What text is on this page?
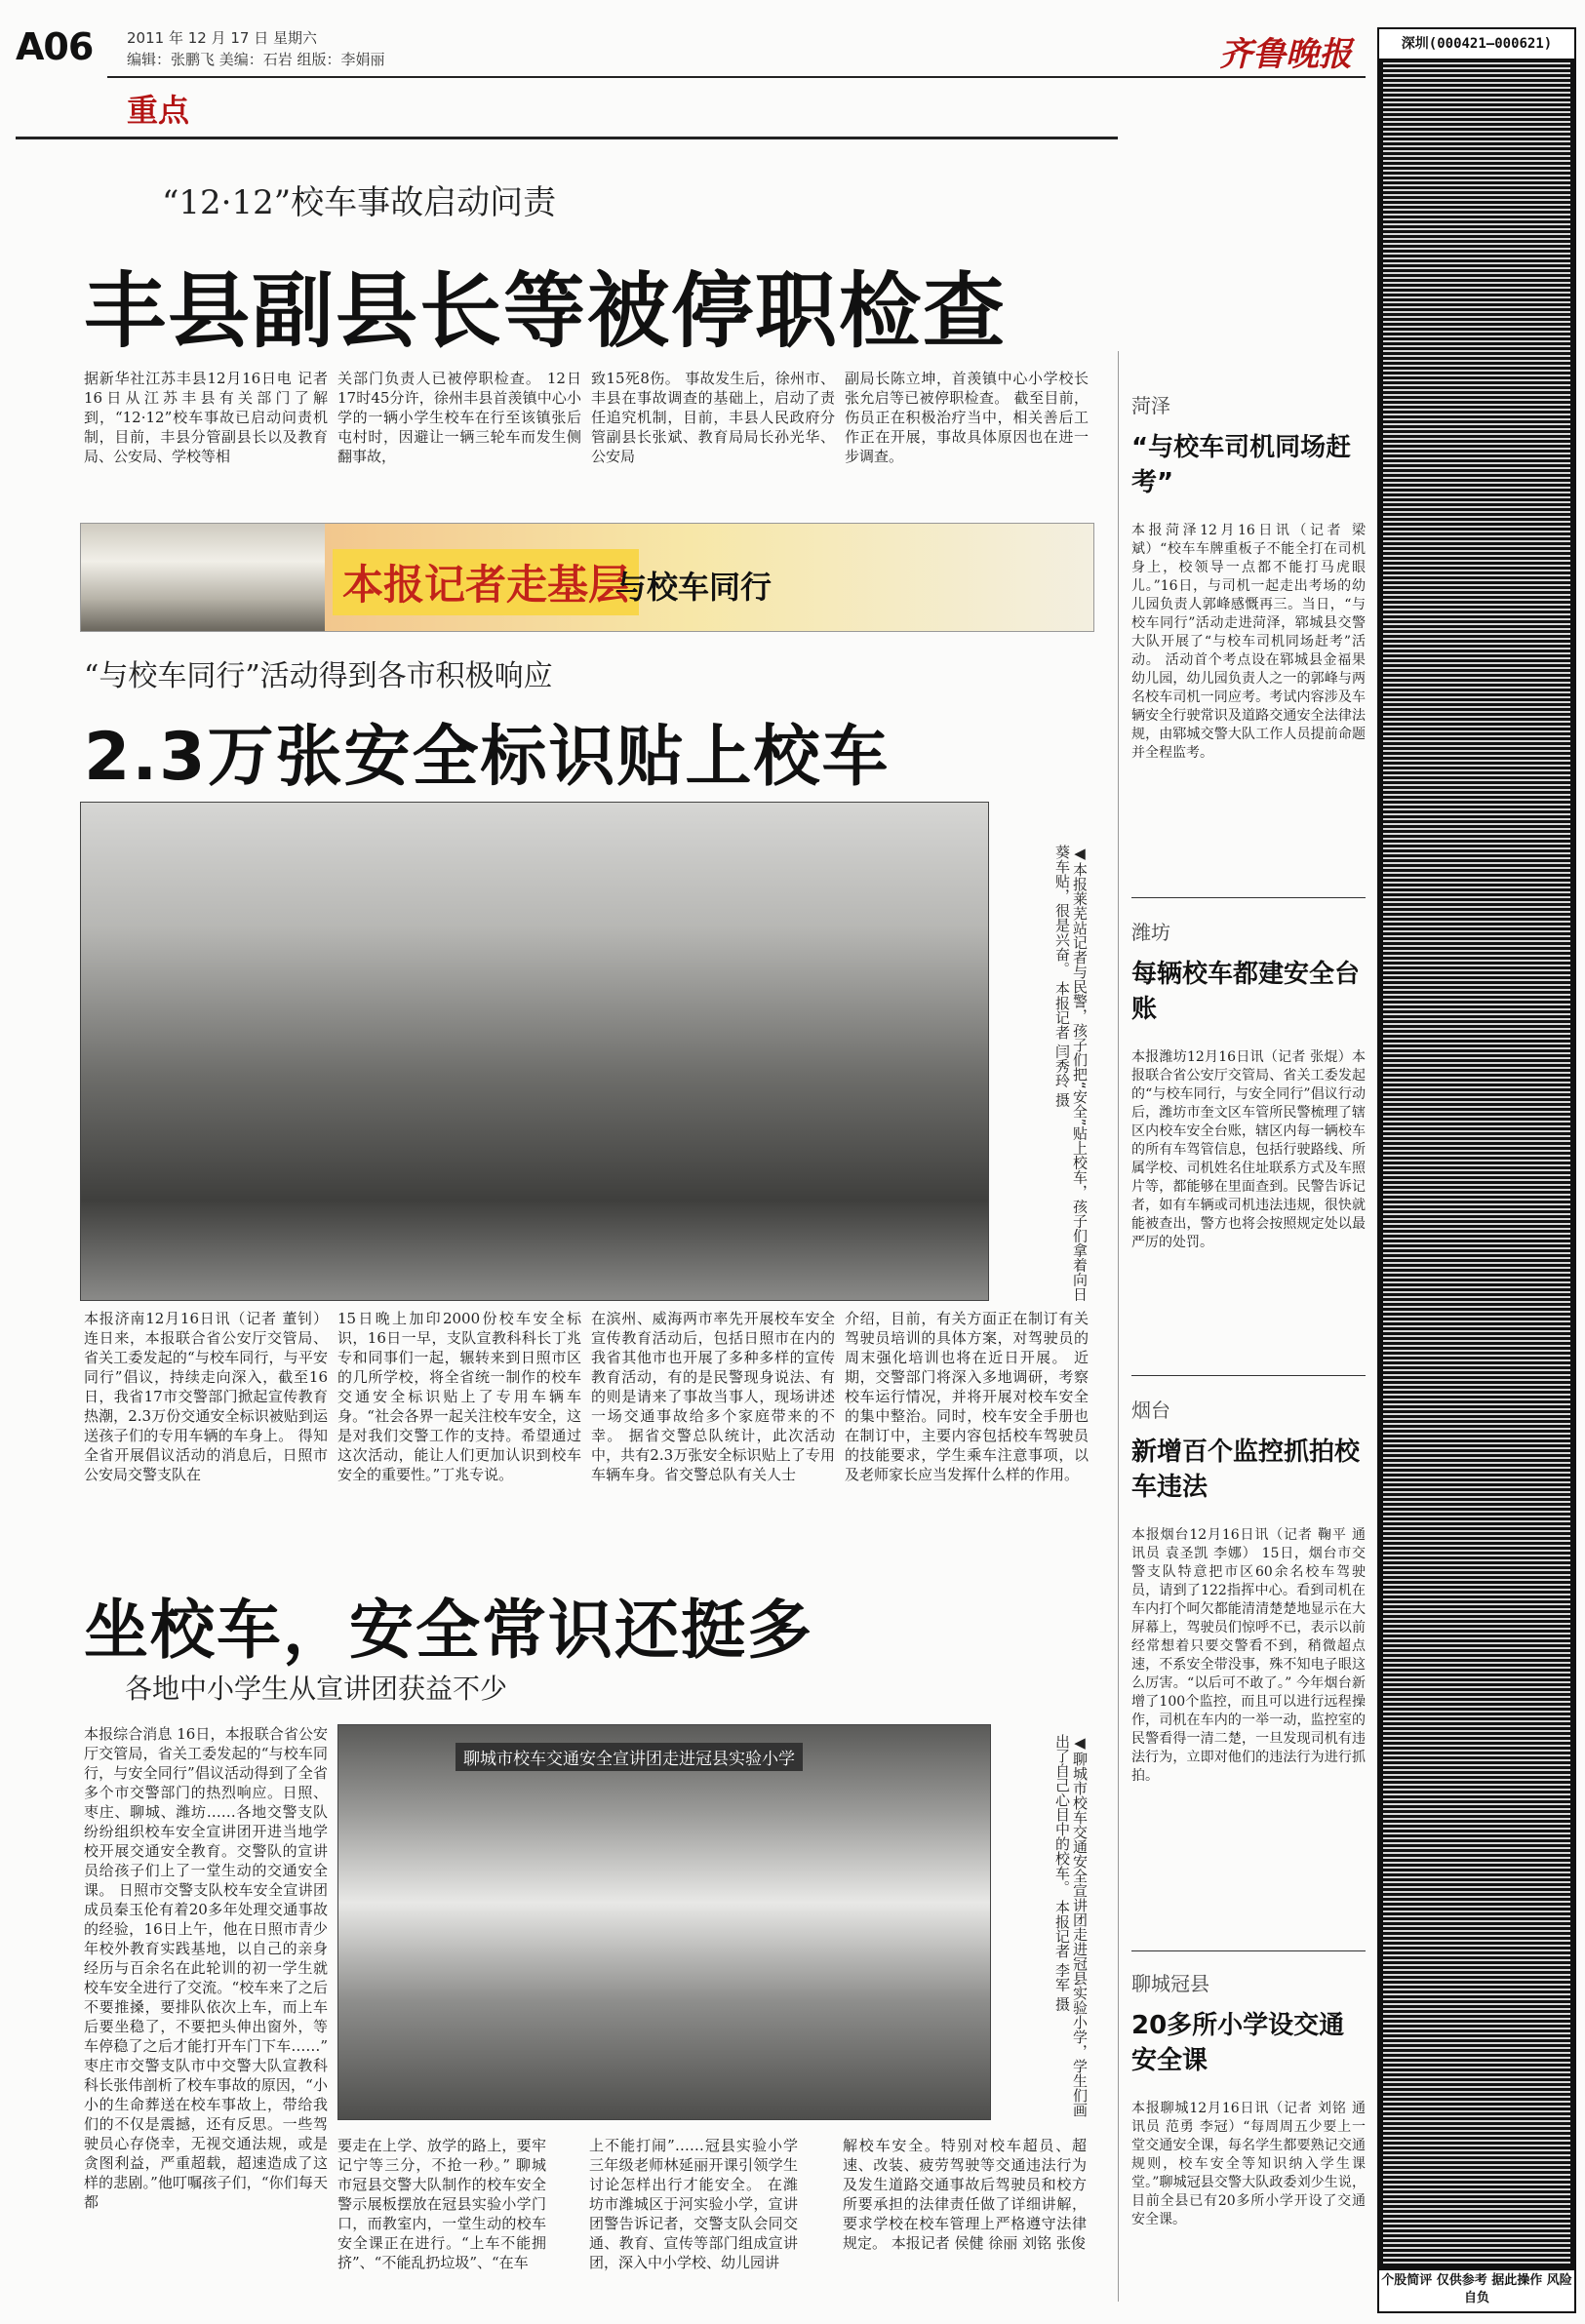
A06 2011 年 12 月 17 日 星期六
编辑：张鹏飞 美编：石岩 组版：李娟丽
重点
齐鲁晚报
“12·12”校车事故启动问责
丰县副县长等被停职检查
据新华社江苏丰县12月16日电 记者16日从江苏丰县有关部门了解到，“12·12”校车事故已启动问责机制，目前，丰县分管副县长以及教育局、公安局、学校等相
关部门负责人已被停职检查。 12日17时45分许，徐州丰县首羡镇中心小学的一辆小学生校车在行至该镇张后屯村时，因避让一辆三轮车而发生侧翻事故，
致15死8伤。 事故发生后，徐州市、丰县在事故调查的基础上，启动了责任追究机制，目前，丰县人民政府分管副县长张斌、教育局局长孙光华、公安局
副局长陈立坤，首羡镇中心小学校长张允启等已被停职检查。 截至目前，伤员正在积极治疗当中，相关善后工作正在开展，事故具体原因也在进一步调查。
本报记者走基层
与校车同行
“与校车同行”活动得到各市积极响应
2.3万张安全标识贴上校车
◀本报莱芜站记者与民警，孩子们把“安全”贴上校车，孩子们拿着向日葵车贴，很是兴奋。 本报记者 闫秀玲 摄
本报济南12月16日讯（记者 董钊） 连日来，本报联合省公安厅交管局、省关工委发起的“与校车同行，与平安同行”倡议，持续走向深入，截至16日，我省17市交警部门掀起宣传教育热潮，2.3万份交通安全标识被贴到运送孩子们的专用车辆的车身上。 得知全省开展倡议活动的消息后，日照市公安局交警支队在
15日晚上加印2000份校车安全标识，16日一早，支队宣教科科长丁兆专和同事们一起，辗转来到日照市区的几所学校，将全省统一制作的校车交通安全标识贴上了专用车辆车身。“社会各界一起关注校车安全，这是对我们交警工作的支持。希望通过这次活动，能让人们更加认识到校车安全的重要性。”丁兆专说。
在滨州、威海两市率先开展校车安全宣传教育活动后，包括日照市在内的我省其他市也开展了多种多样的宣传教育活动，有的是民警现身说法、有的则是请来了事故当事人，现场讲述一场交通事故给多个家庭带来的不幸。 据省交警总队统计，此次活动中，共有2.3万张安全标识贴上了专用车辆车身。省交警总队有关人士
介绍，目前，有关方面正在制订有关驾驶员培训的具体方案，对驾驶员的周末强化培训也将在近日开展。 近期，交警部门将深入多地调研，考察校车运行情况，并将开展对校车安全的集中整治。同时，校车安全手册也在制订中，主要内容包括校车驾驶员的技能要求，学生乘车注意事项，以及老师家长应当发挥什么样的作用。
坐校车，安全常识还挺多
各地中小学生从宣讲团获益不少
本报综合消息 16日，本报联合省公安厅交管局，省关工委发起的“与校车同行，与安全同行”倡议活动得到了全省多个市交警部门的热烈响应。日照、枣庄、聊城、潍坊……各地交警支队纷纷组织校车安全宣讲团开进当地学校开展交通安全教育。交警队的宣讲员给孩子们上了一堂生动的交通安全课。 日照市交警支队校车安全宣讲团成员秦玉伦有着20多年处理交通事故的经验，16日上午，他在日照市青少年校外教育实践基地，以自己的亲身经历与百余名在此轮训的初一学生就校车安全进行了交流。“校车来了之后不要推搡，要排队依次上车，而上车后要坐稳了，不要把头伸出窗外，等车停稳了之后才能打开车门下车……” 枣庄市交警支队市中交警大队宣教科科长张伟剖析了校车事故的原因，“小小的生命葬送在校车事故上，带给我们的不仅是震撼，还有反思。一些驾驶员心存侥幸，无视交通法规，或是贪图利益，严重超载，超速造成了这样的悲剧。”他叮嘱孩子们，“你们每天都
聊城市校车交通安全宣讲团走进冠县实验小学	◀聊城市校车交通安全宣讲团走进冠县实验小学，学生们画出了自己心目中的校车。 本报记者 李军 摄
要走在上学、放学的路上，要牢记宁等三分，不抢一秒。” 聊城市冠县交警大队制作的校车安全警示展板摆放在冠县实验小学门口，而教室内，一堂生动的校车安全课正在进行。“上车不能拥挤”、“不能乱扔垃圾”、“在车
上不能打闹”……冠县实验小学三年级老师林延丽开课引领学生讨论怎样出行才能安全。 在潍坊市潍城区于河实验小学，宣讲团警告诉记者，交警支队会同交通、教育、宣传等部门组成宣讲团，深入中小学校、幼儿园讲
解校车安全。特别对校车超员、超速、改装、疲劳驾驶等交通违法行为及发生道路交通事故后驾驶员和校方所要承担的法律责任做了详细讲解，要求学校在校车管理上严格遵守法律规定。 本报记者 侯健 徐丽 刘铭 张俊
菏泽
“与校车司机同场赶考”
本报菏泽12月16日讯（记者 梁斌）“校车车牌重板子不能全打在司机身上，校领导一点都不能打马虎眼儿。”16日，与司机一起走出考场的幼儿园负责人郭峰感慨再三。当日，“与校车同行”活动走进菏泽，郓城县交警大队开展了“与校车司机同场赶考”活动。 活动首个考点设在郓城县金福果幼儿园，幼儿园负责人之一的郭峰与两名校车司机一同应考。考试内容涉及车辆安全行驶常识及道路交通安全法律法规，由郓城交警大队工作人员提前命题并全程监考。
潍坊
每辆校车都建安全台账
本报潍坊12月16日讯（记者 张焜）本报联合省公安厅交管局、省关工委发起的“与校车同行，与安全同行”倡议行动后，潍坊市奎文区车管所民警梳理了辖区内校车安全台账，辖区内每一辆校车的所有车驾管信息，包括行驶路线、所属学校、司机姓名住址联系方式及车照片等，都能够在里面查到。民警告诉记者，如有车辆或司机违法违规，很快就能被查出，警方也将会按照规定处以最严厉的处罚。
烟台
新增百个监控抓拍校车违法
本报烟台12月16日讯（记者 鞠平 通讯员 袁圣凯 李娜） 15日，烟台市交警支队特意把市区60余名校车驾驶员，请到了122指挥中心。看到司机在车内打个呵欠都能清清楚楚地显示在大屏幕上，驾驶员们惊呼不已，表示以前经常想着只要交警看不到，稍微超点速，不系安全带没事，殊不知电子眼这么厉害。“以后可不敢了。” 今年烟台新增了100个监控，而且可以进行远程操作，司机在车内的一举一动，监控室的民警看得一清二楚，一旦发现司机有违法行为，立即对他们的违法行为进行抓拍。
聊城冠县
20多所小学设交通安全课
本报聊城12月16日讯（记者 刘铭 通讯员 范勇 李冠）“每周周五少要上一堂交通安全课，每名学生都要熟记交通规则，校车安全等知识纳入学生课堂。”聊城冠县交警大队政委刘少生说，目前全县已有20多所小学开设了交通安全课。
深圳(000421—000621)
个股简评 仅供参考 据此操作 风险自负
